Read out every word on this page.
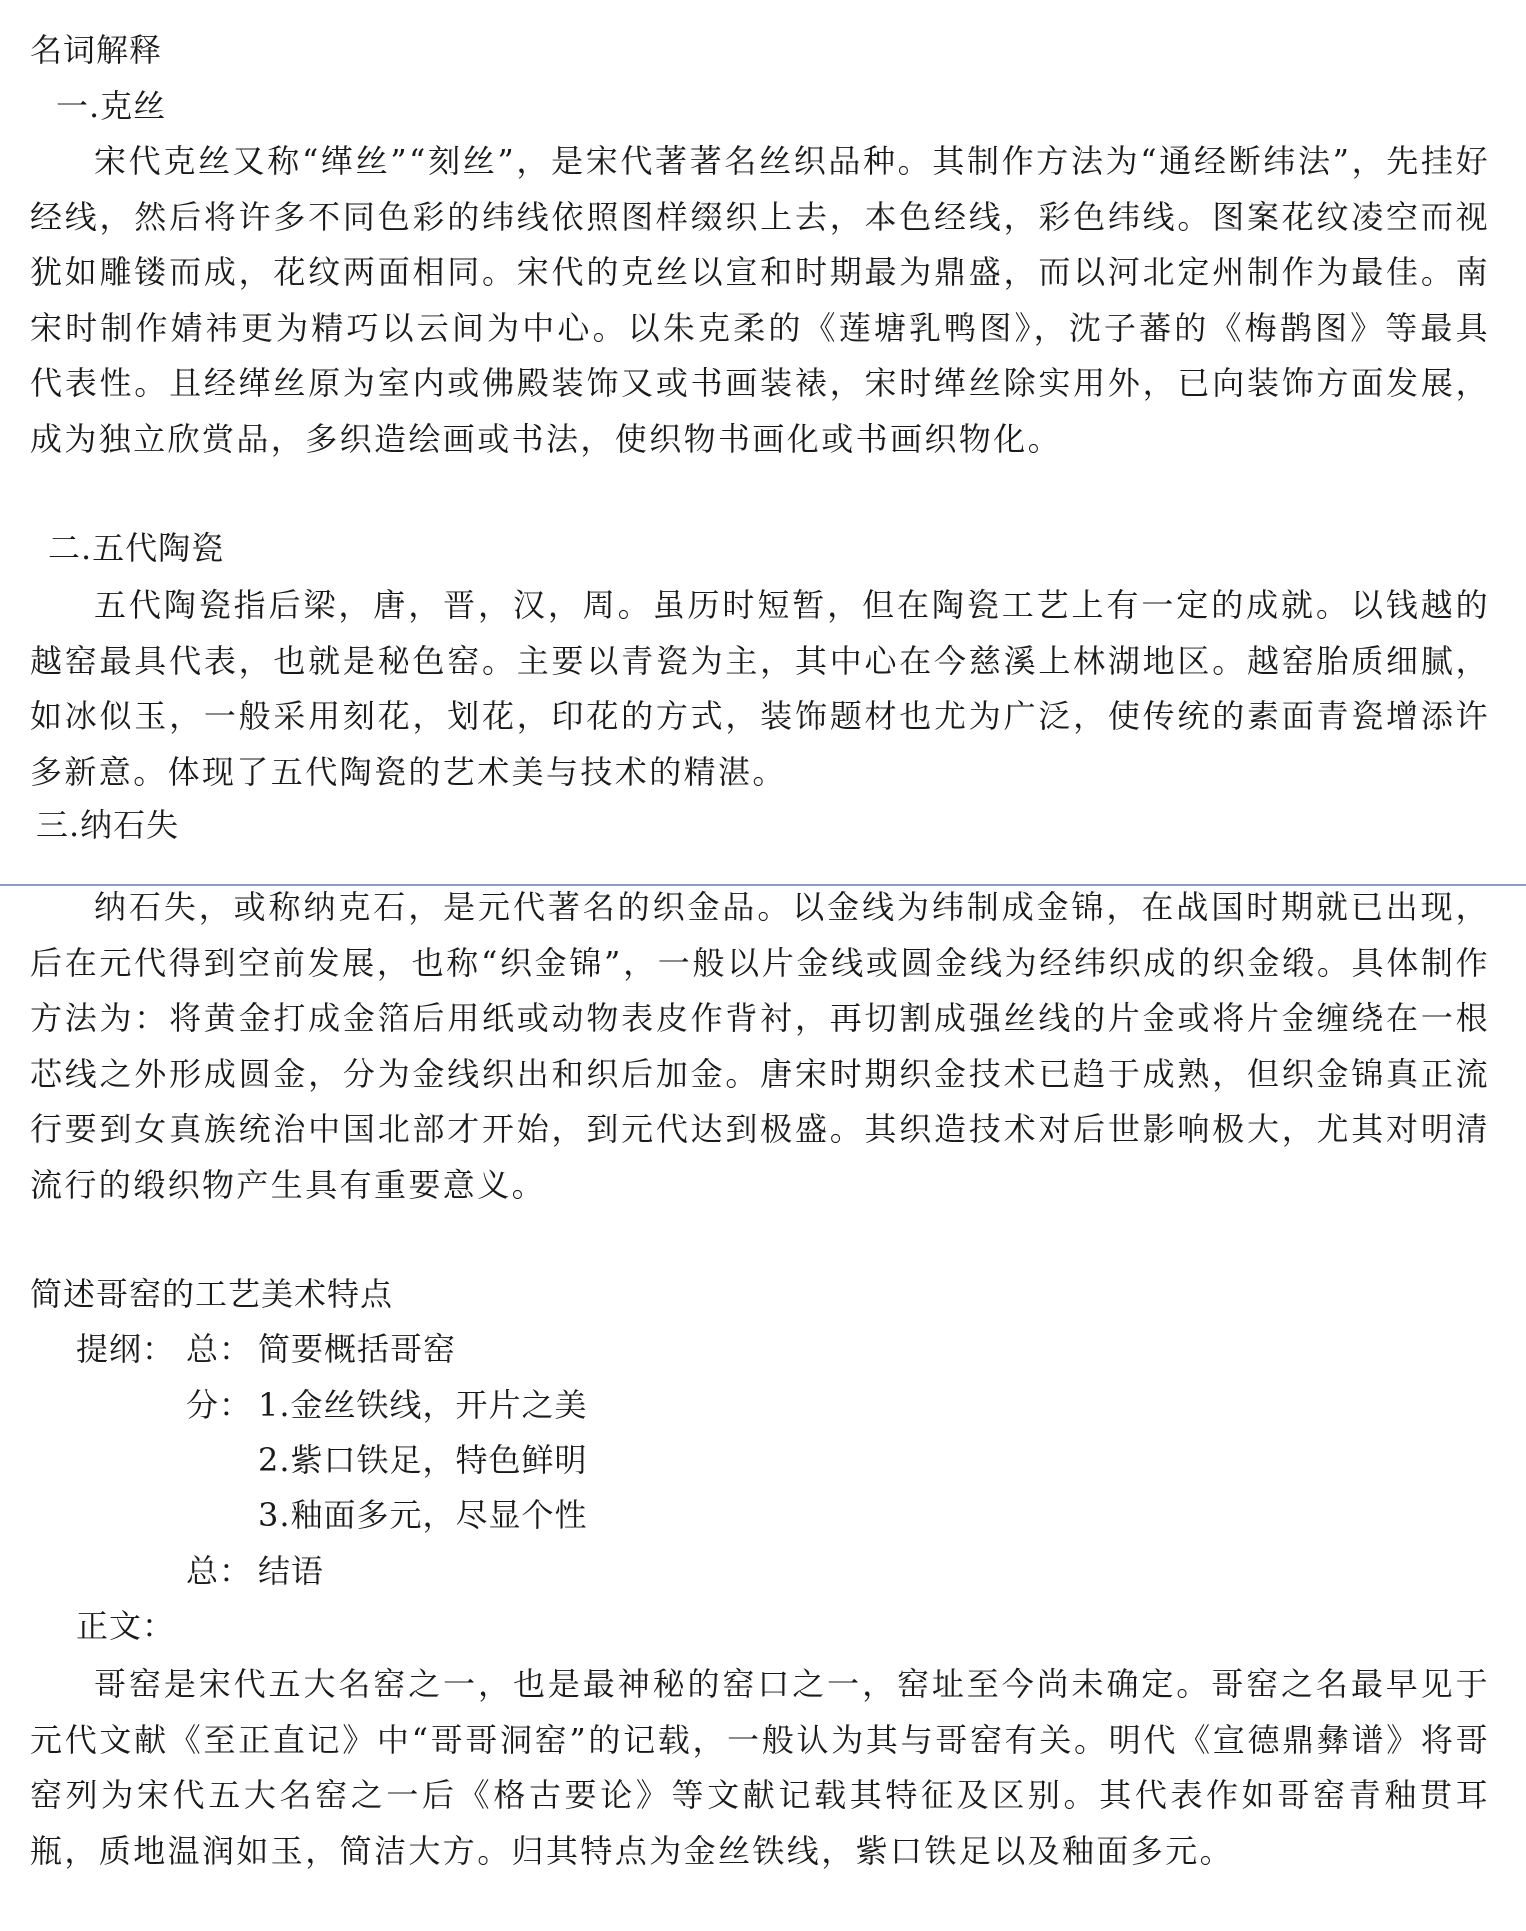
名词解释
一.克丝
宋代克丝又称“缂丝”“刻丝”，是宋代著著名丝织品种。其制作方法为“通经断纬法”，先挂好经线，然后将许多不同色彩的纬线依照图样缀织上去，本色经线，彩色纬线。图案花纹凌空而视犹如雕镂而成，花纹两面相同。宋代的克丝以宣和时期最为鼎盛，而以河北定州制作为最佳。南宋时制作婧祎更为精巧以云间为中心。以朱克柔的《莲塘乳鸭图》，沈子蕃的《梅鹊图》等最具代表性。且经缂丝原为室内或佛殿装饰又或书画装裱，宋时缂丝除实用外，已向装饰方面发展，成为独立欣赏品，多织造绘画或书法，使织物书画化或书画织物化。
二.五代陶瓷
五代陶瓷指后梁，唐，晋，汉，周。虽历时短暂，但在陶瓷工艺上有一定的成就。以钱越的越窑最具代表，也就是秘色窑。主要以青瓷为主，其中心在今慈溪上林湖地区。越窑胎质细腻，如冰似玉，一般采用刻花，划花，印花的方式，装饰题材也尤为广泛，使传统的素面青瓷增添许多新意。体现了五代陶瓷的艺术美与技术的精湛。
三.纳石失
纳石失，或称纳克石，是元代著名的织金品。以金线为纬制成金锦，在战国时期就已出现，后在元代得到空前发展，也称“织金锦”，一般以片金线或圆金线为经纬织成的织金缎。具体制作方法为：将黄金打成金箔后用纸或动物表皮作背衬，再切割成强丝线的片金或将片金缠绕在一根芯线之外形成圆金，分为金线织出和织后加金。唐宋时期织金技术已趋于成熟，但织金锦真正流行要到女真族统治中国北部才开始，到元代达到极盛。其织造技术对后世影响极大，尤其对明清流行的缎织物产生具有重要意义。
简述哥窑的工艺美术特点
提纲： 总： 简要概括哥窑
分： 1.金丝铁线，开片之美
2.紫口铁足，特色鲜明
3.釉面多元，尽显个性
总： 结语
正文：
哥窑是宋代五大名窑之一，也是最神秘的窑口之一，窑址至今尚未确定。哥窑之名最早见于元代文献《至正直记》中“哥哥洞窑”的记载，一般认为其与哥窑有关。明代《宣德鼎彝谱》将哥窑列为宋代五大名窑之一后《格古要论》等文献记载其特征及区别。其代表作如哥窑青釉贯耳瓶，质地温润如玉，简洁大方。归其特点为金丝铁线，紫口铁足以及釉面多元。
